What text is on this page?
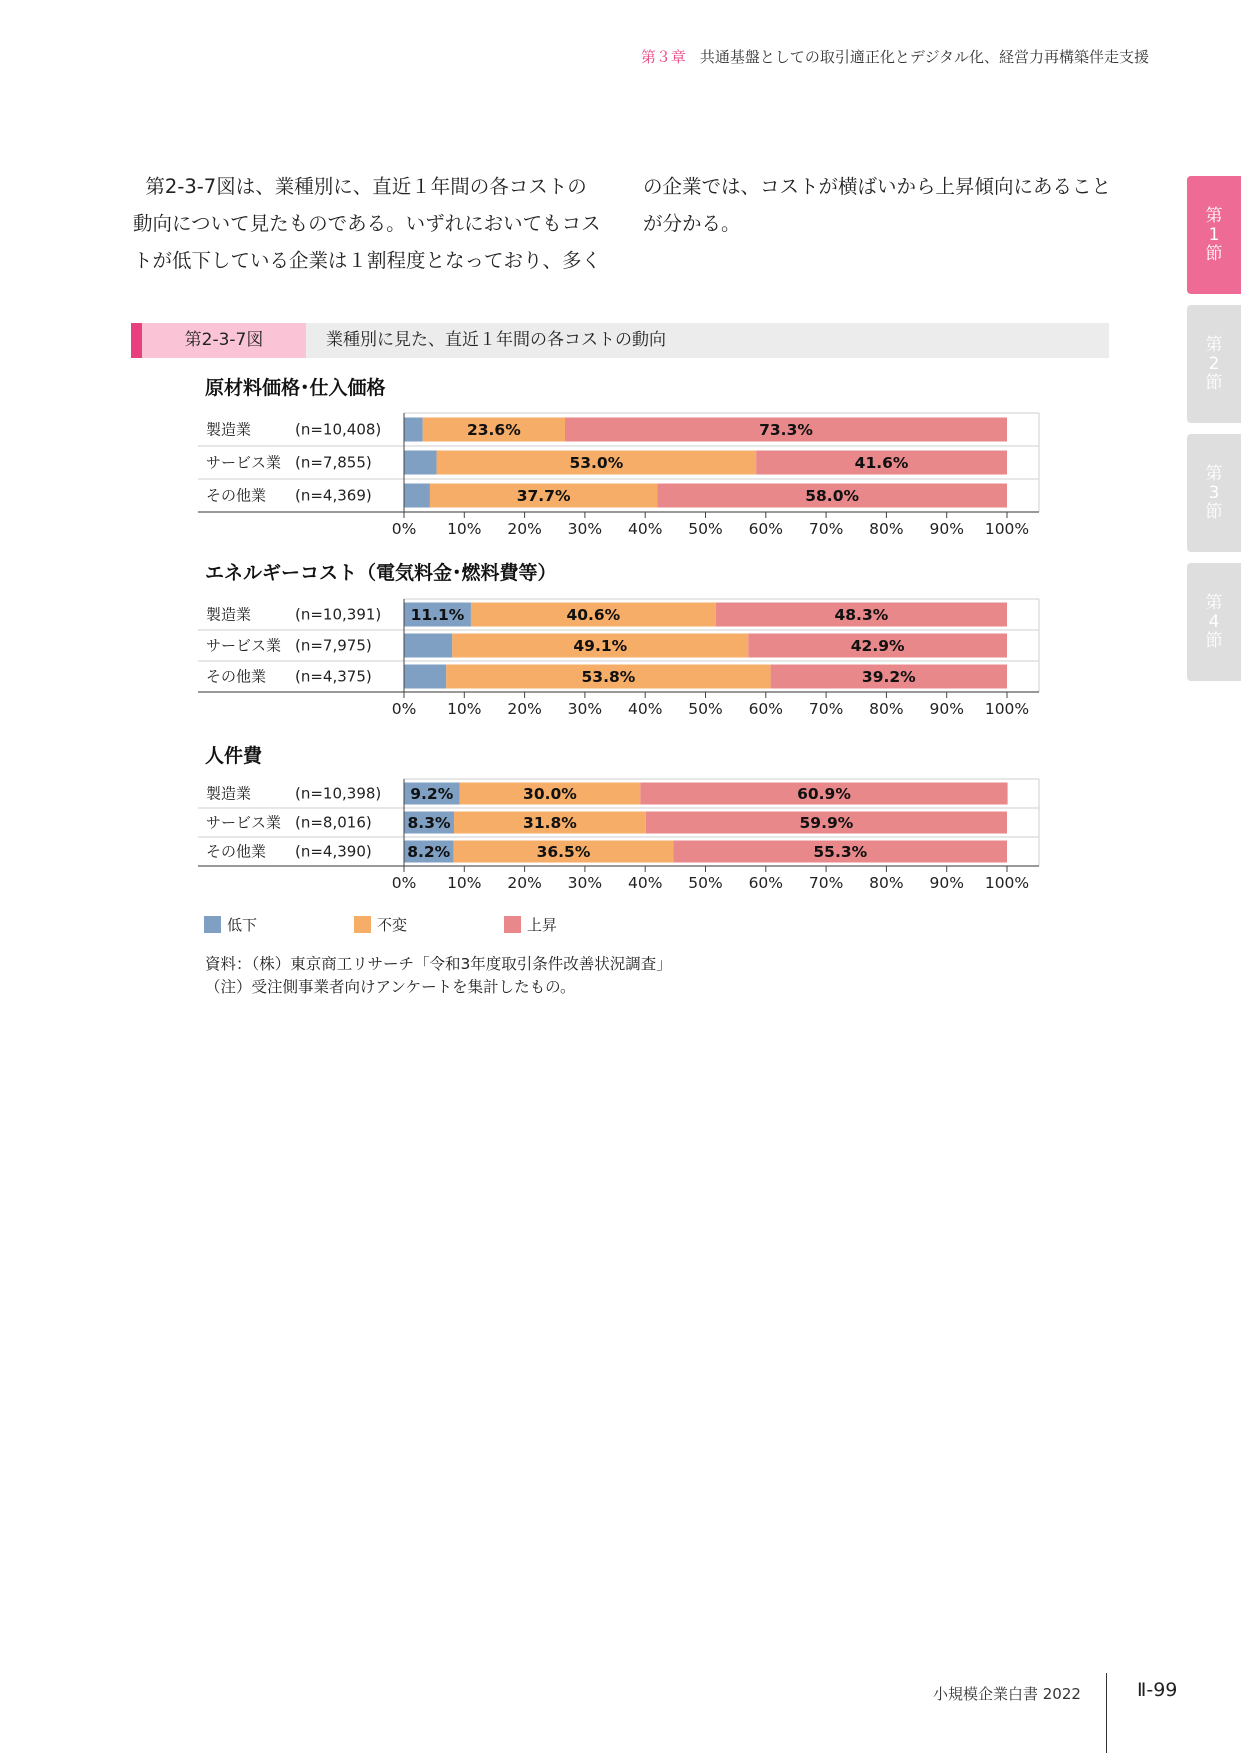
第３章 共通基盤としての取引適正化とデジタル化、経営力再構築伴走支援
第2-3-7図は、業種別に、直近１年間の各コストの動向について見たものである。いずれにおいてもコストが低下している企業は１割程度となっており、多くの企業では、コストが横ばいから上昇傾向にあることが分かる。	第
1
節
第
2
節
第
3
節
第
4
節
第2-3-7図	業種別に見た、直近１年間の各コストの動向
原材料価格･仕入価格
エネルギーコスト（電気料金･燃料費等）
人件費
製造業	(n=10,408)	23.6%	73.3%
サービス業 (n=7,855)	53.0%	41.6%
その他業 (n=4,369)	37.7%	58.0%
0% 10% 20% 30% 40% 50% 60% 70% 80% 90% 100%
製造業	(n=10,391) 11.1%	40.6%	48.3%
サービス業 (n=7,975)	49.1%	42.9%
その他業 (n=4,375)	53.8%	39.2%
0% 10% 20% 30% 40% 50% 60% 70% 80% 90% 100%
製造業	(n=10,398) 9.2%	30.0%	60.9%
サービス業 (n=8,016) 8.3%	31.8%	59.9%
その他業 (n=4,390) 8.2%	36.5%	55.3%
0% 10% 20% 30% 40% 50% 60% 70% 80% 90% 100%
低下	不変	上昇
資料：（株）東京商工リサーチ「令和3年度取引条件改善状況調査」
（注）受注側事業者向けアンケートを集計したもの。
小規模企業白書 2022	Ⅱ-99
